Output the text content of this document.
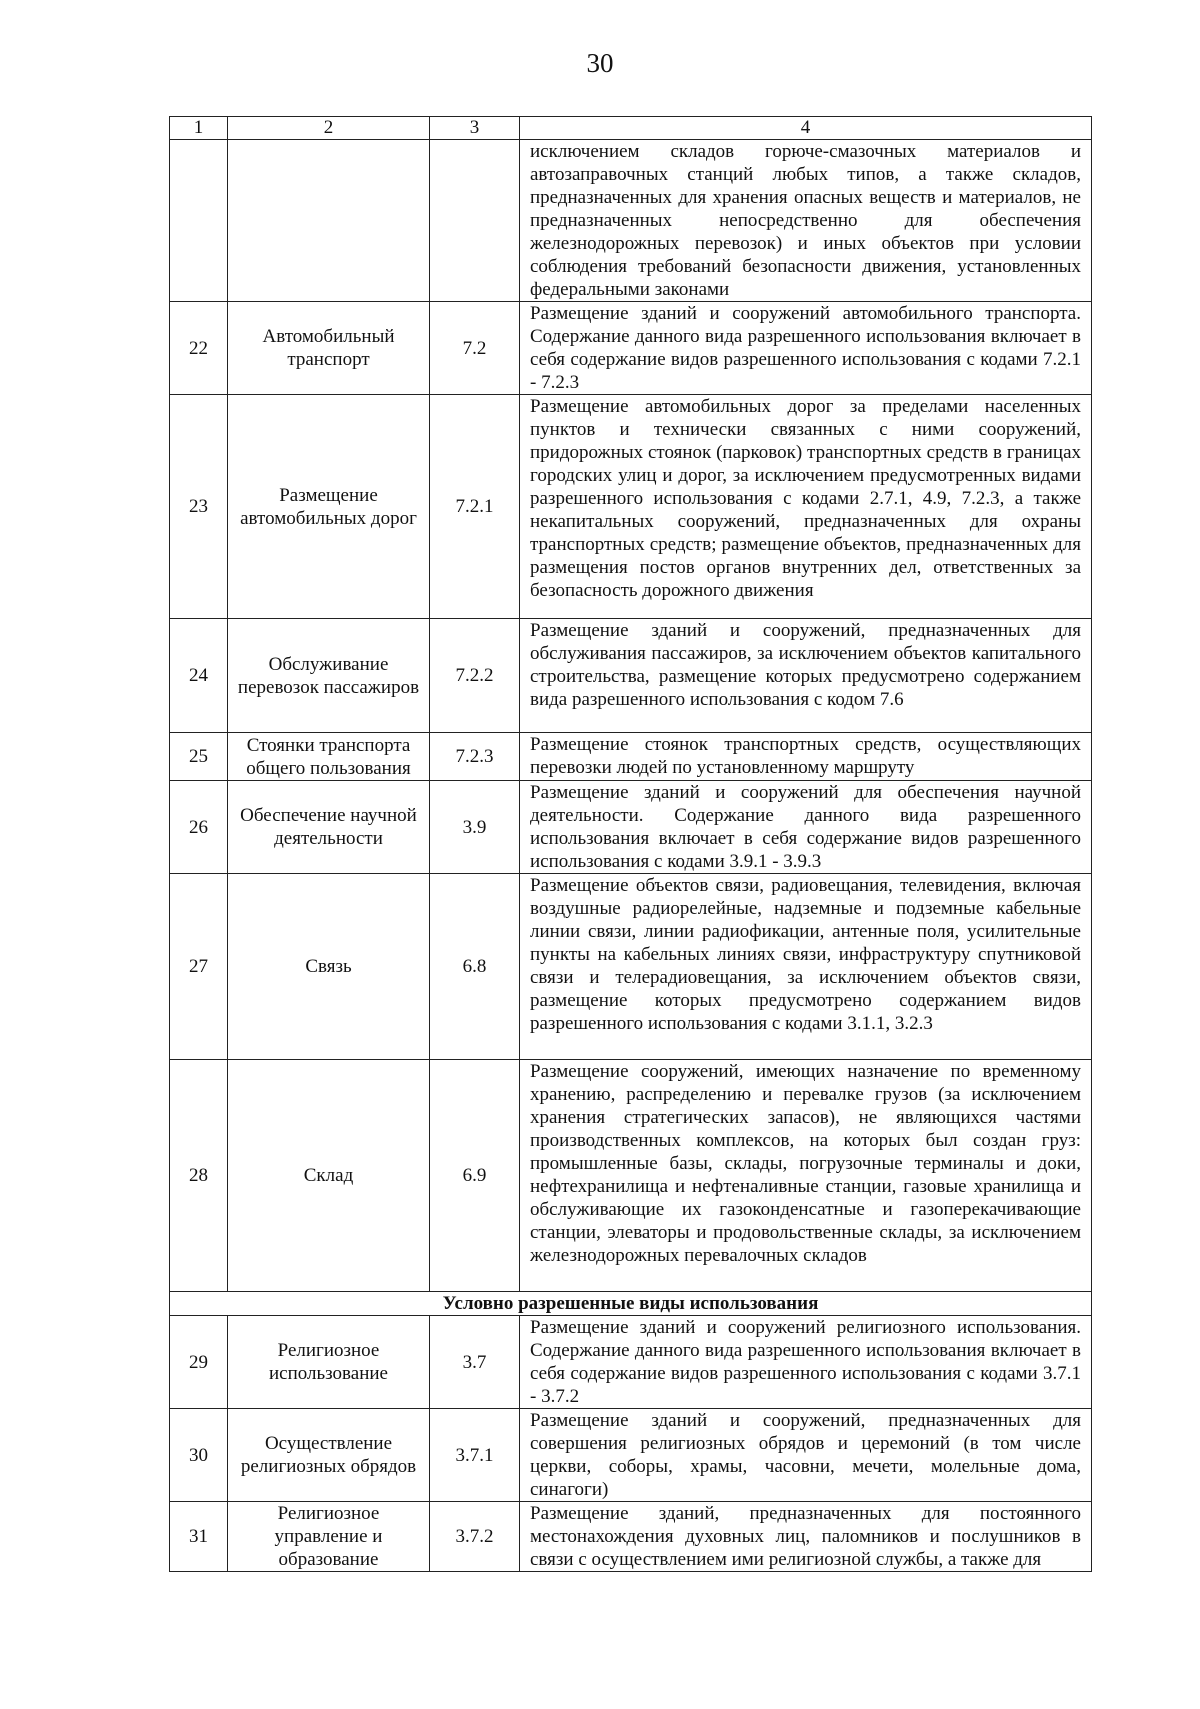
30
1	2	3	4
			исключением складов горюче-смазочных материалов и автозаправочных станций любых типов, а также складов, предназначенных для хранения опасных веществ и материалов, не предназначенных непосредственно для обеспечения железнодорожных перевозок) и иных объектов при условии соблюдения требований безопасности движения, установленных федеральными законами
22	Автомобильный транспорт	7.2	Размещение зданий и сооружений автомобильного транспорта. Содержание данного вида разрешенного использования включает в себя содержание видов разрешенного использования с кодами 7.2.1 - 7.2.3
23	Размещение автомобильных дорог	7.2.1	Размещение автомобильных дорог за пределами населенных пунктов и технически связанных с ними сооружений, придорожных стоянок (парковок) транспортных средств в границах городских улиц и дорог, за исключением предусмотренных видами разрешенного использования с кодами 2.7.1, 4.9, 7.2.3, а также некапитальных сооружений, предназначенных для охраны транспортных средств; размещение объектов, предназначенных для размещения постов органов внутренних дел, ответственных за безопасность дорожного движения
24	Обслуживание перевозок пассажиров	7.2.2	Размещение зданий и сооружений, предназначенных для обслуживания пассажиров, за исключением объектов капитального строительства, размещение которых предусмотрено содержанием вида разрешенного использования с кодом 7.6
25	Стоянки транспорта общего пользования	7.2.3	Размещение стоянок транспортных средств, осуществляющих перевозки людей по установленному маршруту
26	Обеспечение научной деятельности	3.9	Размещение зданий и сооружений для обеспечения научной деятельности. Содержание данного вида разрешенного использования включает в себя содержание видов разрешенного использования с кодами 3.9.1 - 3.9.3
27	Связь	6.8	Размещение объектов связи, радиовещания, телевидения, включая воздушные радиорелейные, надземные и подземные кабельные линии связи, линии радиофикации, антенные поля, усилительные пункты на кабельных линиях связи, инфраструктуру спутниковой связи и телерадиовещания, за исключением объектов связи, размещение которых предусмотрено содержанием видов разрешенного использования с кодами 3.1.1, 3.2.3
28	Склад	6.9	Размещение сооружений, имеющих назначение по временному хранению, распределению и перевалке грузов (за исключением хранения стратегических запасов), не являющихся частями производственных комплексов, на которых был создан груз: промышленные базы, склады, погрузочные терминалы и доки, нефтехранилища и нефтеналивные станции, газовые хранилища и обслуживающие их газоконденсатные и газоперекачивающие станции, элеваторы и продовольственные склады, за исключением железнодорожных перевалочных складов
Условно разрешенные виды использования			
29	Религиозное использование	3.7	Размещение зданий и сооружений религиозного использования. Содержание данного вида разрешенного использования включает в себя содержание видов разрешенного использования с кодами 3.7.1 - 3.7.2
30	Осуществление религиозных обрядов	3.7.1	Размещение зданий и сооружений, предназначенных для совершения религиозных обрядов и церемоний (в том числе церкви, соборы, храмы, часовни, мечети, молельные дома, синагоги)
31	Религиозное управление и образование	3.7.2	Размещение зданий, предназначенных для постоянного местонахождения духовных лиц, паломников и послушников в связи с осуществлением ими религиозной службы, а также для
